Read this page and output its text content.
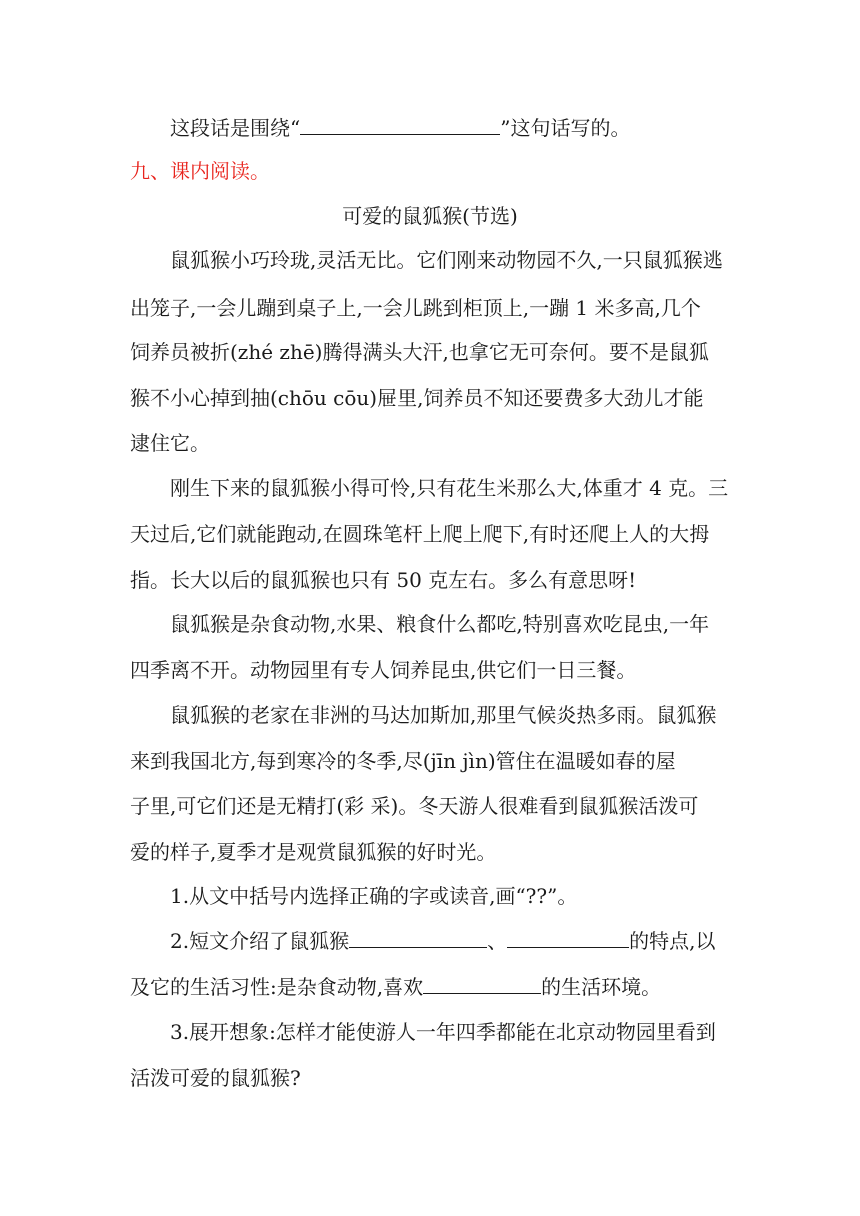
这段话是围绕“	”这句话写的。
九、课内阅读。
可爱的鼠狐猴(节选)
鼠狐猴小巧玲珑,灵活无比。它们刚来动物园不久,一只鼠狐猴逃
出笼子,一会儿蹦到桌子上,一会儿跳到柜顶上,一蹦 1 米多高,几个
饲养员被折(zhé zhē)腾得满头大汗,也拿它无可奈何。要不是鼠狐
猴不小心掉到抽(chōu cōu)屉里,饲养员不知还要费多大劲儿才能
逮住它。
刚生下来的鼠狐猴小得可怜,只有花生米那么大,体重才 4 克。三
天过后,它们就能跑动,在圆珠笔杆上爬上爬下,有时还爬上人的大拇
指。长大以后的鼠狐猴也只有 50 克左右。多么有意思呀!
鼠狐猴是杂食动物,水果、粮食什么都吃,特别喜欢吃昆虫,一年
四季离不开。动物园里有专人饲养昆虫,供它们一日三餐。
鼠狐猴的老家在非洲的马达加斯加,那里气候炎热多雨。鼠狐猴
来到我国北方,每到寒冷的冬季,尽(jīn jìn)管住在温暖如春的屋
子里,可它们还是无精打(彩 采)。冬天游人很难看到鼠狐猴活泼可
爱的样子,夏季才是观赏鼠狐猴的好时光。
1.从文中括号内选择正确的字或读音,画“??”。
2.短文介绍了鼠狐猴	、	的特点,以
及它的生活习性:是杂食动物,喜欢	的生活环境。
3.展开想象:怎样才能使游人一年四季都能在北京动物园里看到
活泼可爱的鼠狐猴?
